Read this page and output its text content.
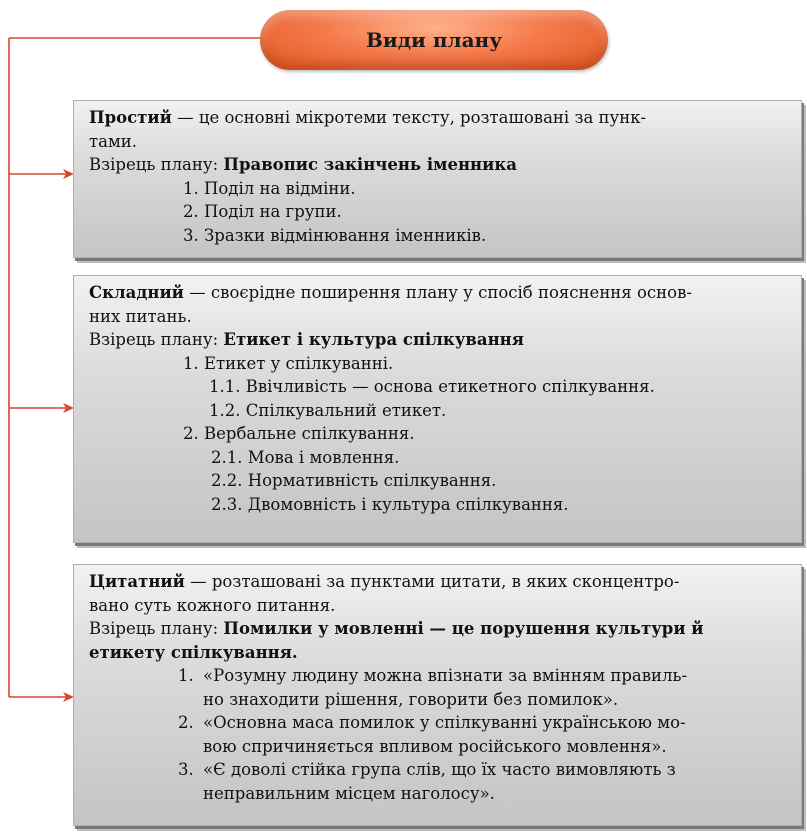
Види плану

Простий — це основні мікротеми тексту, розташовані за пунк-

тами.

Взірець плану: Правопис закінчень іменника

1. Поділ на відміни.

2. Поділ на групи.

3. Зразки відмінювання іменників.

Складний — своєрідне поширення плану у спосіб пояснення основ-

них питань.

Взірець плану: Етикет і культура спілкування

1. Етикет у спілкуванні.

1.1. Ввічливість — основа етикетного спілкування.

1.2. Спілкувальний етикет.

2. Вербальне спілкування.

2.1. Мова і мовлення.

2.2. Нормативність спілкування.

2.3. Двомовність і культура спілкування.

Цитатний — розташовані за пунктами цитати, в яких сконцентро-

вано суть кожного питання.

Взірець плану: Помилки у мовленні — це порушення культури й

етикету спілкування.

1. «Розумну людину можна впізнати за вмінням правиль-

но знаходити рішення, говорити без помилок».

2. «Основна маса помилок у спілкуванні українською мо-

вою спричиняється впливом російського мовлення».

3. «Є доволі стійка група слів, що їх часто вимовляють з

неправильним місцем наголосу».
